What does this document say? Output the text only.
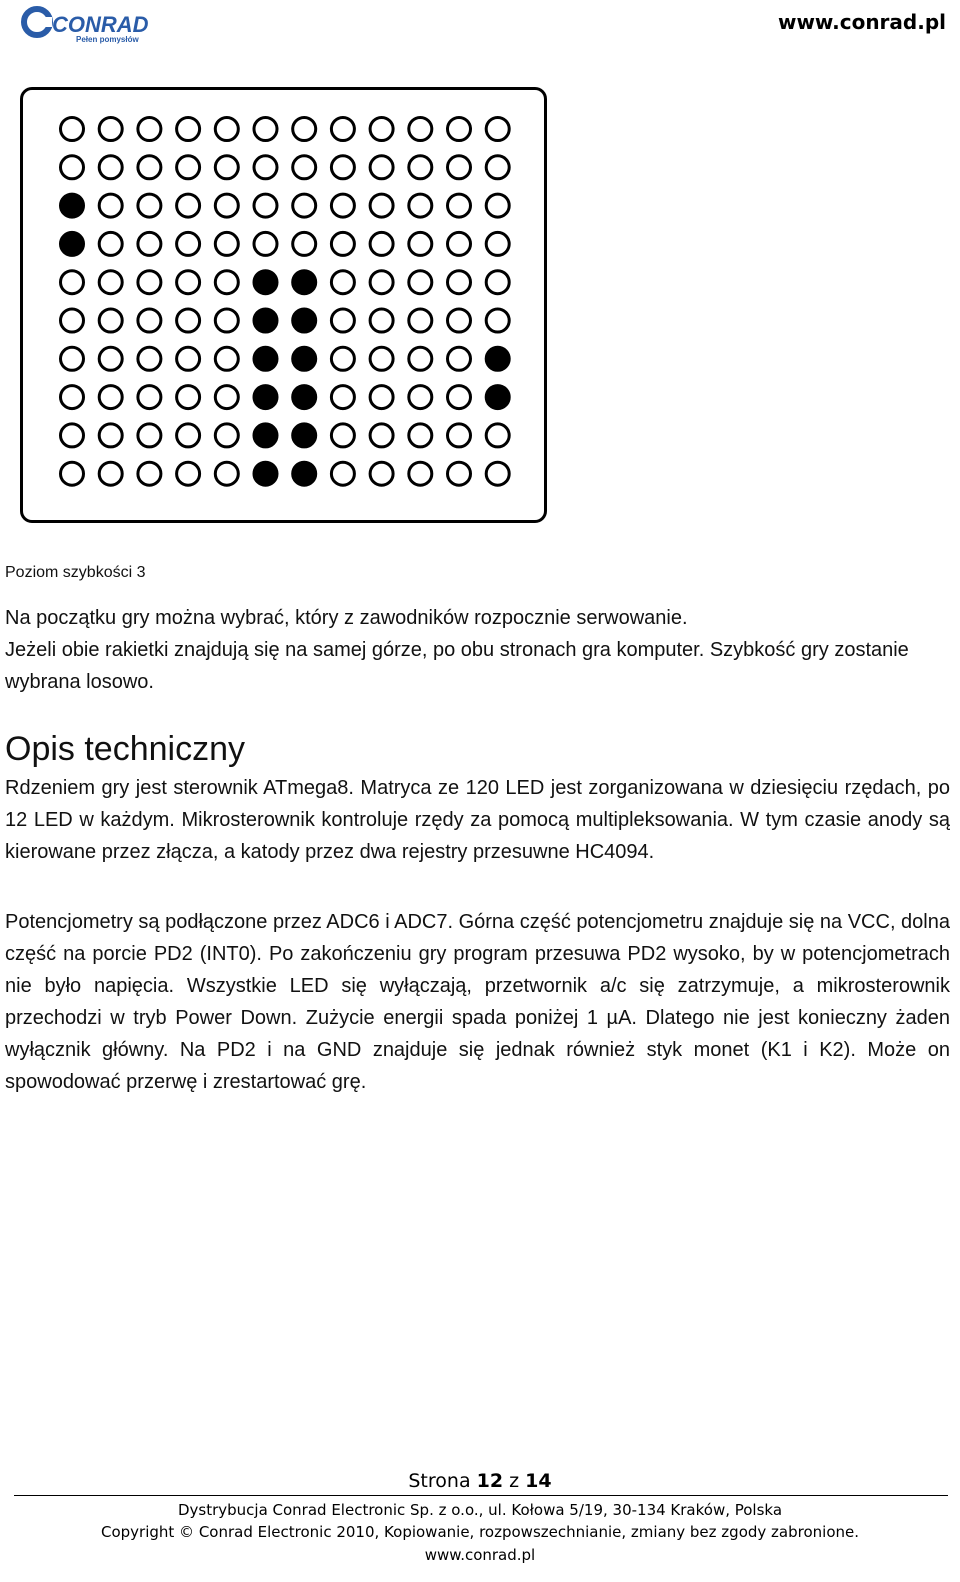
CONRAD
Pełen pomysłów
www.conrad.pl
Poziom szybkości 3
Na początku gry można wybrać, który z zawodników rozpocznie serwowanie.
Jeżeli obie rakietki znajdują się na samej górze, po obu stronach gra komputer. Szybkość gry zostanie wybrana losowo.
Opis techniczny
Rdzeniem gry jest sterownik ATmega8. Matryca ze 120 LED jest zorganizowana w dziesięciu rzędach, po 12 LED w każdym. Mikrosterownik kontroluje rzędy za pomocą multipleksowania. W tym czasie anody są kierowane przez złącza, a katody przez dwa rejestry przesuwne HC4094.
Potencjometry są podłączone przez ADC6 i ADC7. Górna część potencjometru znajduje się na VCC, dolna część na porcie PD2 (INT0). Po zakończeniu gry program przesuwa PD2 wysoko, by w potencjometrach nie było napięcia. Wszystkie LED się wyłączają, przetwornik a/c się zatrzymuje, a mikrosterownik przechodzi w tryb Power Down. Zużycie energii spada poniżej 1 µA. Dlatego nie jest konieczny żaden wyłącznik główny. Na PD2 i na GND znajduje się jednak również styk monet (K1 i K2). Może on spowodować przerwę i zrestartować grę.
Strona 12 z 14
Dystrybucja Conrad Electronic Sp. z o.o., ul. Kołowa 5/19, 30-134 Kraków, Polska
Copyright © Conrad Electronic 2010, Kopiowanie, rozpowszechnianie, zmiany bez zgody zabronione.
www.conrad.pl
